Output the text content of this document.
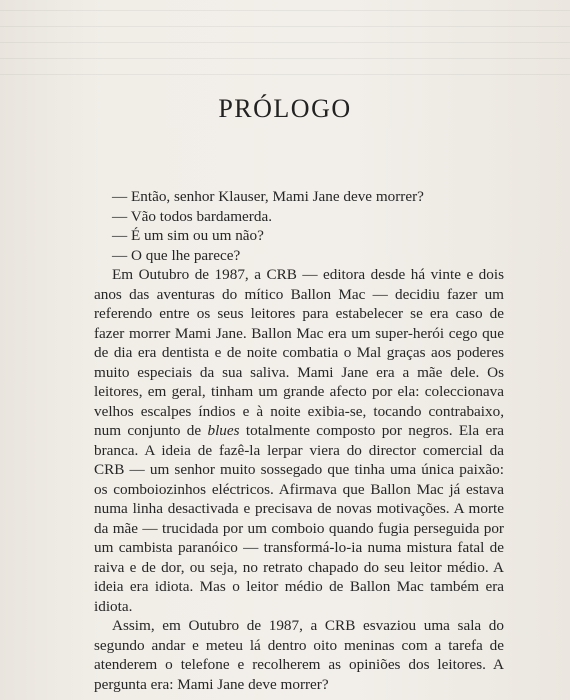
PRÓLOGO
— Então, senhor Klauser, Mami Jane deve morrer?
— Vão todos bardamerda.
— É um sim ou um não?
— O que lhe parece?

Em Outubro de 1987, a CRB — editora desde há vinte e dois anos das aventuras do mítico Ballon Mac — decidiu fazer um referendo entre os seus leitores para estabelecer se era caso de fazer morrer Mami Jane. Ballon Mac era um super-herói cego que de dia era dentista e de noite combatia o Mal graças aos poderes muito especiais da sua saliva. Mami Jane era a mãe dele. Os leitores, em geral, tinham um grande afecto por ela: coleccionava velhos escalpes índios e à noite exibia-se, tocando contrabaixo, num conjunto de blues totalmente composto por negros. Ela era branca. A ideia de fazê-la lerpar viera do director comercial da CRB — um senhor muito sossegado que tinha uma única paixão: os comboiozinhos eléctricos. Afirmava que Ballon Mac já estava numa linha desactivada e precisava de novas motivações. A morte da mãe — trucidada por um comboio quando fugia perseguida por um cambista paranóico — transformá-lo-ia numa mistura fatal de raiva e de dor, ou seja, no retrato chapado do seu leitor médio. A ideia era idiota. Mas o leitor médio de Ballon Mac também era idiota.

Assim, em Outubro de 1987, a CRB esvaziou uma sala do segundo andar e meteu lá dentro oito meninas com a tarefa de atenderem o telefone e recolherem as opiniões dos leitores. A pergunta era: Mami Jane deve morrer?
